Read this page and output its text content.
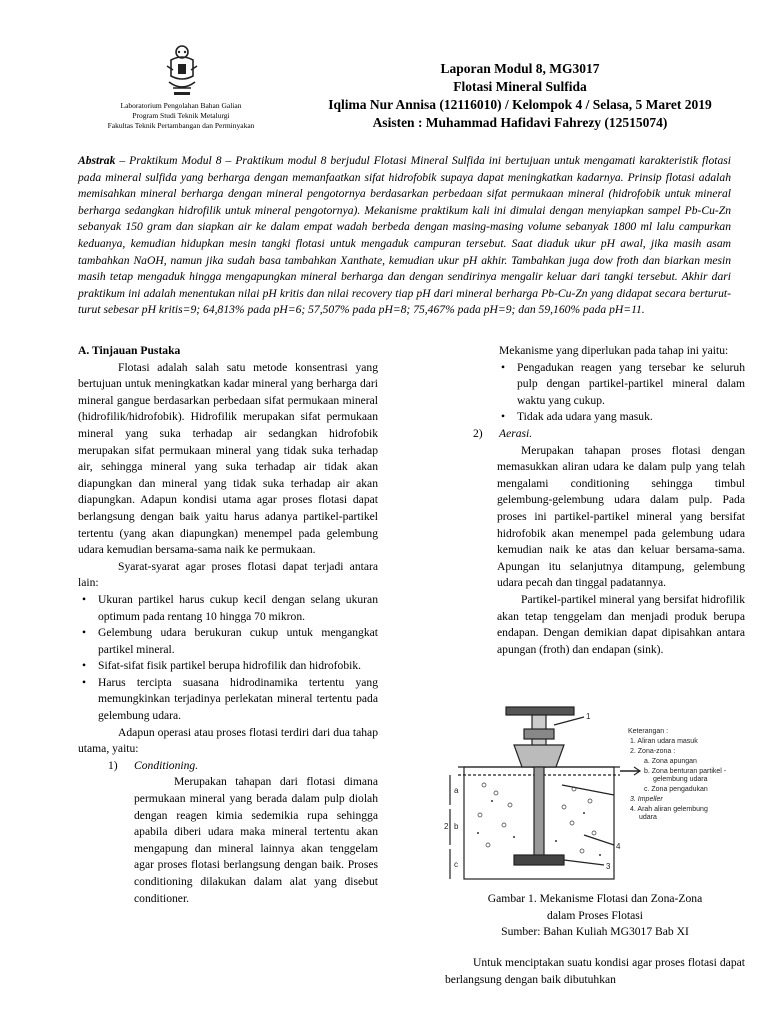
Laboratorium Pengolahan Bahan Galian
Program Studi Teknik Metalurgi
Fakultas Teknik Pertambangan dan Perminyakan
Laporan Modul 8, MG3017
Flotasi Mineral Sulfida
Iqlima Nur Annisa (12116010) / Kelompok 4 / Selasa, 5 Maret 2019
Asisten : Muhammad Hafidavi Fahrezy (12515074)
Abstrak – Praktikum Modul 8 – Praktikum modul 8 berjudul Flotasi Mineral Sulfida ini bertujuan untuk mengamati karakteristik flotasi pada mineral sulfida yang berharga dengan memanfaatkan sifat hidrofobik supaya dapat meningkatkan kadarnya. Prinsip flotasi adalah memisahkan mineral berharga dengan mineral pengotornya berdasarkan perbedaan sifat permukaan mineral (hidrofobik untuk mineral berharga sedangkan hidrofilik untuk mineral pengotornya). Mekanisme praktikum kali ini dimulai dengan menyiapkan sampel Pb-Cu-Zn sebanyak 150 gram dan siapkan air ke dalam empat wadah berbeda dengan masing-masing volume sebanyak 1800 ml lalu campurkan keduanya, kemudian hidupkan mesin tangki flotasi untuk mengaduk campuran tersebut. Saat diaduk ukur pH awal, jika masih asam tambahkan NaOH, namun jika sudah basa tambahkan Xanthate, kemudian ukur pH akhir. Tambahkan juga dow froth dan biarkan mesin masih tetap mengaduk hingga mengapungkan mineral berharga dan dengan sendirinya mengalir keluar dari tangki tersebut. Akhir dari praktikum ini adalah menentukan nilai pH kritis dan nilai recovery tiap pH dari mineral berharga Pb-Cu-Zn yang didapat secara berturut-turut sebesar pH kritis=9; 64,813% pada pH=6; 57,507% pada pH=8; 75,467% pada pH=9; dan 59,160% pada pH=11.
A. Tinjauan Pustaka

Flotasi adalah salah satu metode konsentrasi yang bertujuan untuk meningkatkan kadar mineral yang berharga dari mineral gangue berdasarkan perbedaan sifat permukaan mineral (hidrofilik/hidrofobik). Hidrofilik merupakan sifat permukaan mineral yang suka terhadap air sedangkan hidrofobik merupakan sifat permukaan mineral yang tidak suka terhadap air, sehingga mineral yang suka terhadap air tidak akan diapungkan dan mineral yang tidak suka terhadap air akan diapungkan. Adapun kondisi utama agar proses flotasi dapat berlangsung dengan baik yaitu harus adanya partikel-partikel tertentu (yang akan diapungkan) menempel pada gelembung udara kemudian bersama-sama naik ke permukaan.

Syarat-syarat agar proses flotasi dapat terjadi antara lain:

• Ukuran partikel harus cukup kecil dengan selang ukuran optimum pada rentang 10 hingga 70 mikron.
• Gelembung udara berukuran cukup untuk mengangkat partikel mineral.
• Sifat-sifat fisik partikel berupa hidrofilik dan hidrofobik.
• Harus tercipta suasana hidrodinamika tertentu yang memungkinkan terjadinya perlekatan mineral tertentu pada gelembung udara.

Adapun operasi atau proses flotasi terdiri dari dua tahap utama, yaitu:

1)	Conditioning.

Merupakan tahapan dari flotasi dimana permukaan mineral yang berada dalam pulp diolah dengan reagen kimia sedemikia rupa sehingga apabila diberi udara maka mineral tertentu akan mengapung dan mineral lainnya akan tenggelam agar proses flotasi berlangsung dengan baik. Proses conditioning dilakukan dalam alat yang disebut conditioner.

Mekanisme yang diperlukan pada tahap ini yaitu:

• Pengadukan reagen yang tersebar ke seluruh pulp dengan partikel-partikel mineral dalam waktu yang cukup.
• Tidak ada udara yang masuk.
2)	Aerasi.

Merupakan tahapan proses flotasi dengan memasukkan aliran udara ke dalam pulp yang telah mengalami conditioning sehingga timbul gelembung-gelembung udara dalam pulp. Pada proses ini partikel-partikel mineral yang bersifat hidrofobik akan menempel pada gelembung udara kemudian naik ke atas dan keluar bersama-sama. Apungan itu selanjutnya ditampung, gelembung udara pecah dan tinggal padatannya.

Partikel-partikel mineral yang bersifat hidrofilik akan tetap tenggelam dan menjadi produk berupa endapan. Dengan demikian dapat dipisahkan antara apungan (froth) dan endapan (sink).

1
2
3
4
a
b
c
Keterangan :
1. Aliran udara masuk
2. Zona-zona :
a. Zona apungan
b. Zona benturan partikel -
gelembung udara
c. Zona pengadukan
3. Impeller
4. Arah aliran gelembung
udara
Gambar 1. Mekanisme Flotasi dan Zona-Zona
dalam Proses Flotasi
Sumber: Bahan Kuliah MG3017 Bab XI

Untuk menciptakan suatu kondisi agar proses flotasi dapat berlangsung dengan baik dibutuhkan
